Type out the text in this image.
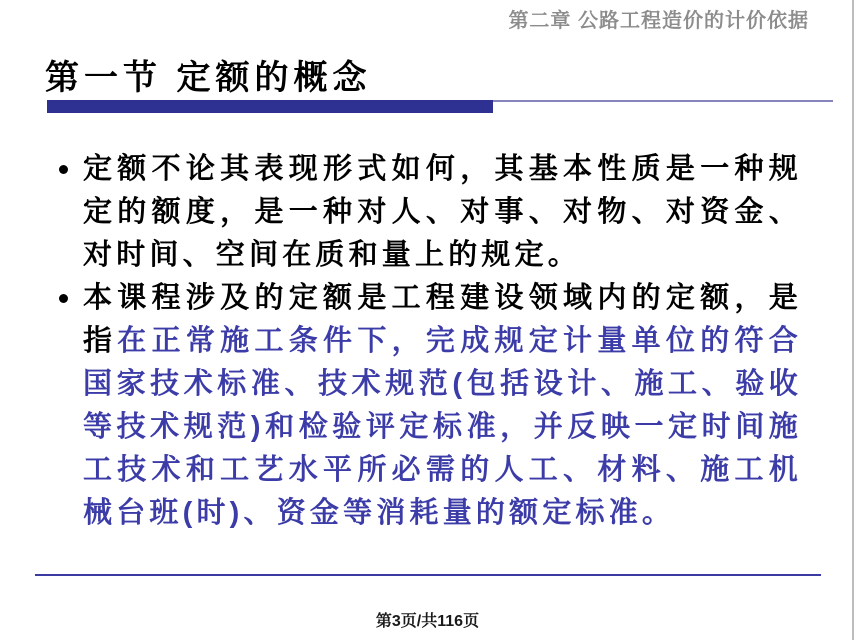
第二章 公路工程造价的计价依据
第一节 定额的概念
定额不论其表现形式如何，其基本性质是一种规定的额度，是一种对人、对事、对物、对资金、对时间、空间在质和量上的规定。
本课程涉及的定额是工程建设领域内的定额，是指在正常施工条件下，完成规定计量单位的符合国家技术标准、技术规范(包括设计、施工、验收等技术规范)和检验评定标准，并反映一定时间施工技术和工艺水平所必需的人工、材料、施工机械台班(时)、资金等消耗量的额定标准。
第3页/共116页
